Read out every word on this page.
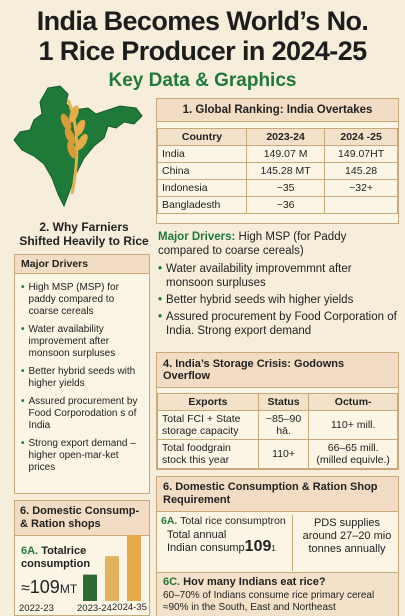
India Becomes World’s No.
1 Rice Producer in 2024-25
Key Data & Graphics
1. Global Ranking: India Overtakes
Country	2023-24	2024 -25
India	149.07 M	149.07HT
China	145.28 MT	145.28
Indonesia	~35	~32+
Bangladesth	~36	
2. Why Farniers
Shifted Heavily to Rice
Major Drivers
• High MSP (MSP) for paddy compared to coarse cereals
• Water availability improvement after monsoon surpluses
• Better hybrid seeds with higher yields
• Assured procurement by Food Corporodation s of India
• Strong export demand – higher open-mar-ket prices
Major Drivers: High MSP (for Paddy compared to coarse cereals)
• Water availability improvemmnt after monsoon surpluses
• Better hybrid seeds wih higher yields
• Assured procurement by Food Corporation of India. Strong export demand
4. India’s Storage Crisis: Godowns Overflow
Exports	Status	Octum-
Total FCI + State storage capacity	~85–90 hā.	110+ mill.
Total foodgrain stock this year	110+	66–65 mill. (milled equivle.)
6. Domestic Consump-
& Ration shops
6A. Totalrice consumption
≈109MT
2022-23 2023-24 2024-35
6. Domestic Consumption & Ration Shop
Requirement
6A. Total rice consumptron
Total annual
Indian consump1091
PDS supplies
around 27–20 mio
tonnes annually
6C. Hov many Indians eat rice?
60–70% of Indians consume rice primary cereal
≈90% in the South, East and Northeast
